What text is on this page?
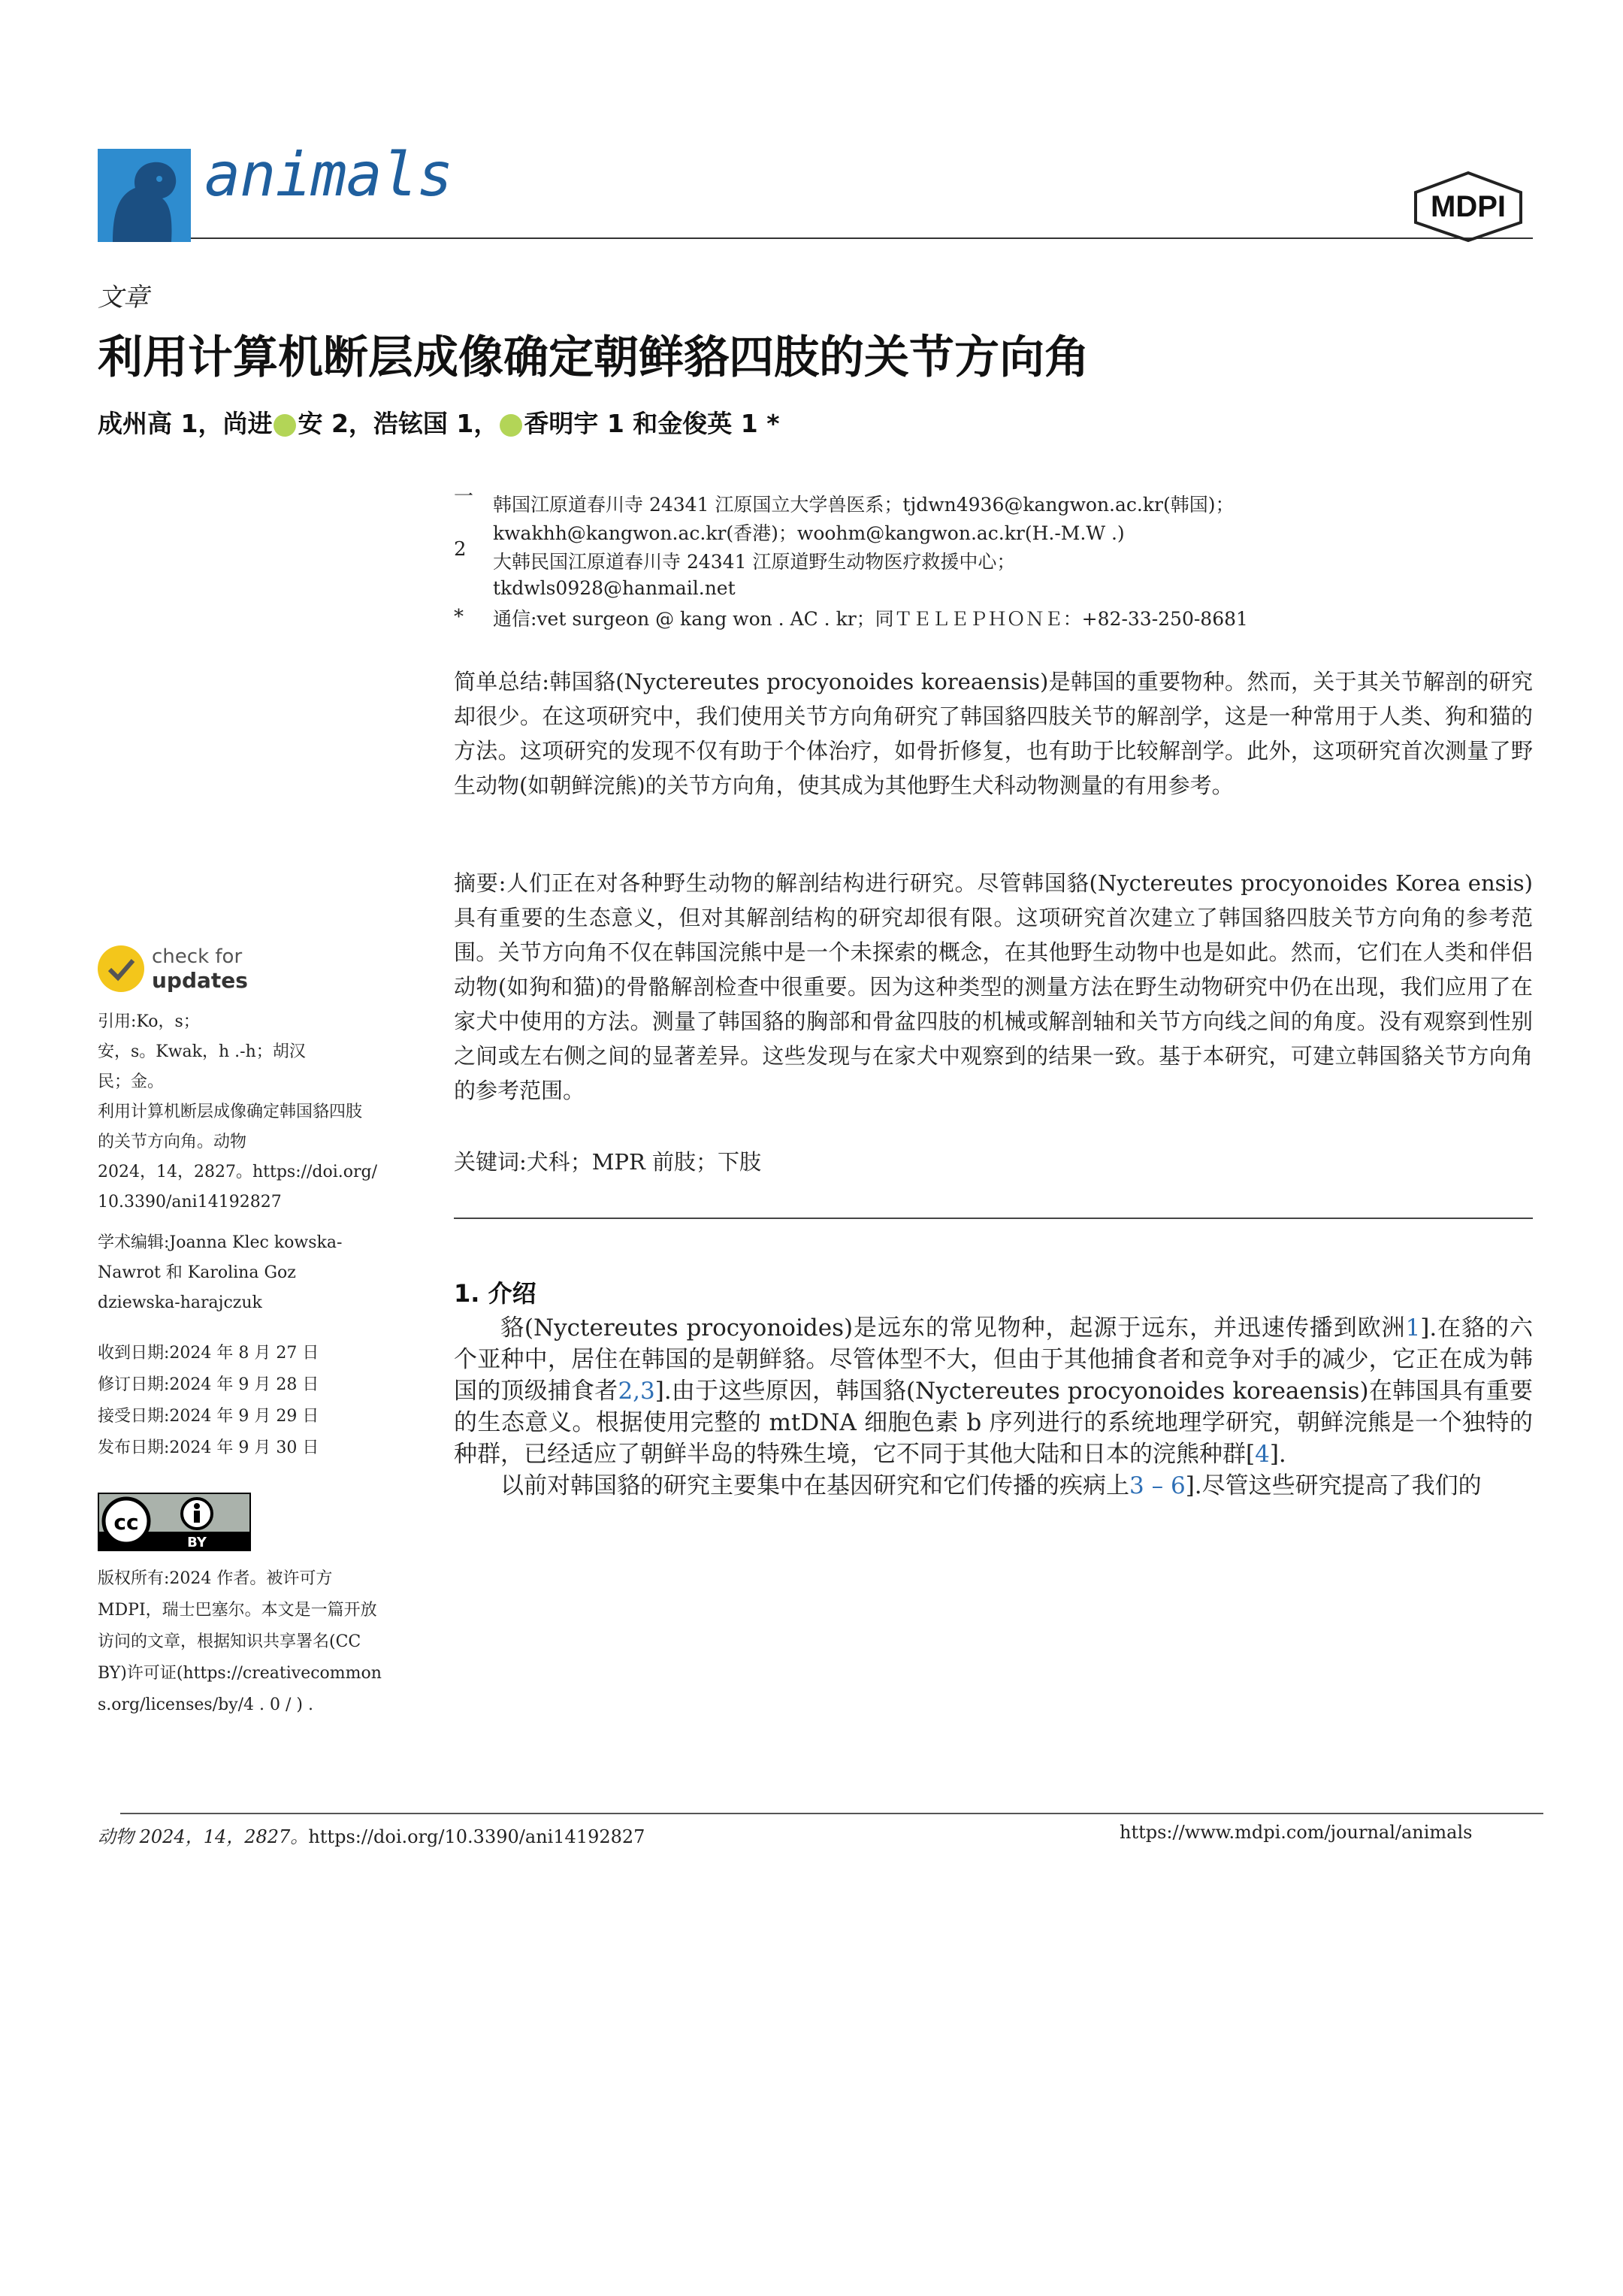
animals	MDPI
文章
利用计算机断层成像确定朝鲜貉四肢的关节方向角
成州高 1，尚进 安 2，浩铉国 1， 香明宇 1 和金俊英 1 *
一 韩国江原道春川寺 24341 江原国立大学兽医系；tjdwn4936@kangwon.ac.kr(韩国)；
kwakhh@kangwon.ac.kr(香港)；woohm@kangwon.ac.kr(H.-M.W .)
2
大韩民国江原道春川寺 24341 江原道野生动物医疗救援中心；
tkdwls0928@hanmail.net
* 通信:vet surgeon @ kang won . AC . kr；同ＴＥＬＥＰＨＯＮＥ：+82-33-250-8681
简单总结:韩国貉(Nyctereutes procyonoides koreaensis)是韩国的重要物种。然而，关于其关节解剖的研究却很少。在这项研究中，我们使用关节方向角研究了韩国貉四肢关节的解剖学，这是一种常用于人类、狗和猫的方法。这项研究的发现不仅有助于个体治疗，如骨折修复，也有助于比较解剖学。此外，这项研究首次测量了野生动物(如朝鲜浣熊)的关节方向角，使其成为其他野生犬科动物测量的有用参考。
摘要:人们正在对各种野生动物的解剖结构进行研究。尽管韩国貉(Nyctereutes procyonoides Korea ensis)具有重要的生态意义，但对其解剖结构的研究却很有限。这项研究首次建立了韩国貉四肢关节方向角的参考范围。关节方向角不仅在韩国浣熊中是一个未探索的概念，在其他野生动物中也是如此。然而，它们在人类和伴侣动物(如狗和猫)的骨骼解剖检查中很重要。因为这种类型的测量方法在野生动物研究中仍在出现，我们应用了在家犬中使用的方法。测量了韩国貉的胸部和骨盆四肢的机械或解剖轴和关节方向线之间的角度。没有观察到性别之间或左右侧之间的显著差异。这些发现与在家犬中观察到的结果一致。基于本研究，可建立韩国貉关节方向角的参考范围。
关键词:犬科；MPR 前肢；下肢
1. 介绍

貉(Nyctereutes procyonoides)是远东的常见物种，起源于远东，并迅速传播到欧洲1].在貉的六个亚种中，居住在韩国的是朝鲜貉。尽管体型不大，但由于其他捕食者和竞争对手的减少，它正在成为韩国的顶级捕食者2,3].由于这些原因，韩国貉(Nyctereutes procyonoides koreaensis)在韩国具有重要的生态意义。根据使用完整的 mtDNA 细胞色素 b 序列进行的系统地理学研究，朝鲜浣熊是一个独特的种群，已经适应了朝鲜半岛的特殊生境，它不同于其他大陆和日本的浣熊种群[4].

以前对韩国貉的研究主要集中在基因研究和它们传播的疾病上3 – 6].尽管这些研究提高了我们的

check for
updates
引用:Ko，s；
安，s。Kwak，h .-h；胡汉
民；金。
利用计算机断层成像确定韩国貉四肢
的关节方向角。动物
2024，14，2827。https://doi.org/
10.3390/ani14192827
学术编辑:Joanna Klec kowska-
Nawrot 和 Karolina Goz
dziewska-harajczuk
收到日期:2024 年 8 月 27 日
修订日期:2024 年 9 月 28 日
接受日期:2024 年 9 月 29 日
发布日期:2024 年 9 月 30 日
cc
BY
版权所有:2024 作者。被许可方
MDPI，瑞士巴塞尔。本文是一篇开放
访问的文章，根据知识共享署名(CC
BY)许可证(https://creativecommon
s.org/licenses/by/4 . 0 / ) .
动物 2024，14，2827。https://doi.org/10.3390/ani14192827	https://www.mdpi.com/journal/animals
